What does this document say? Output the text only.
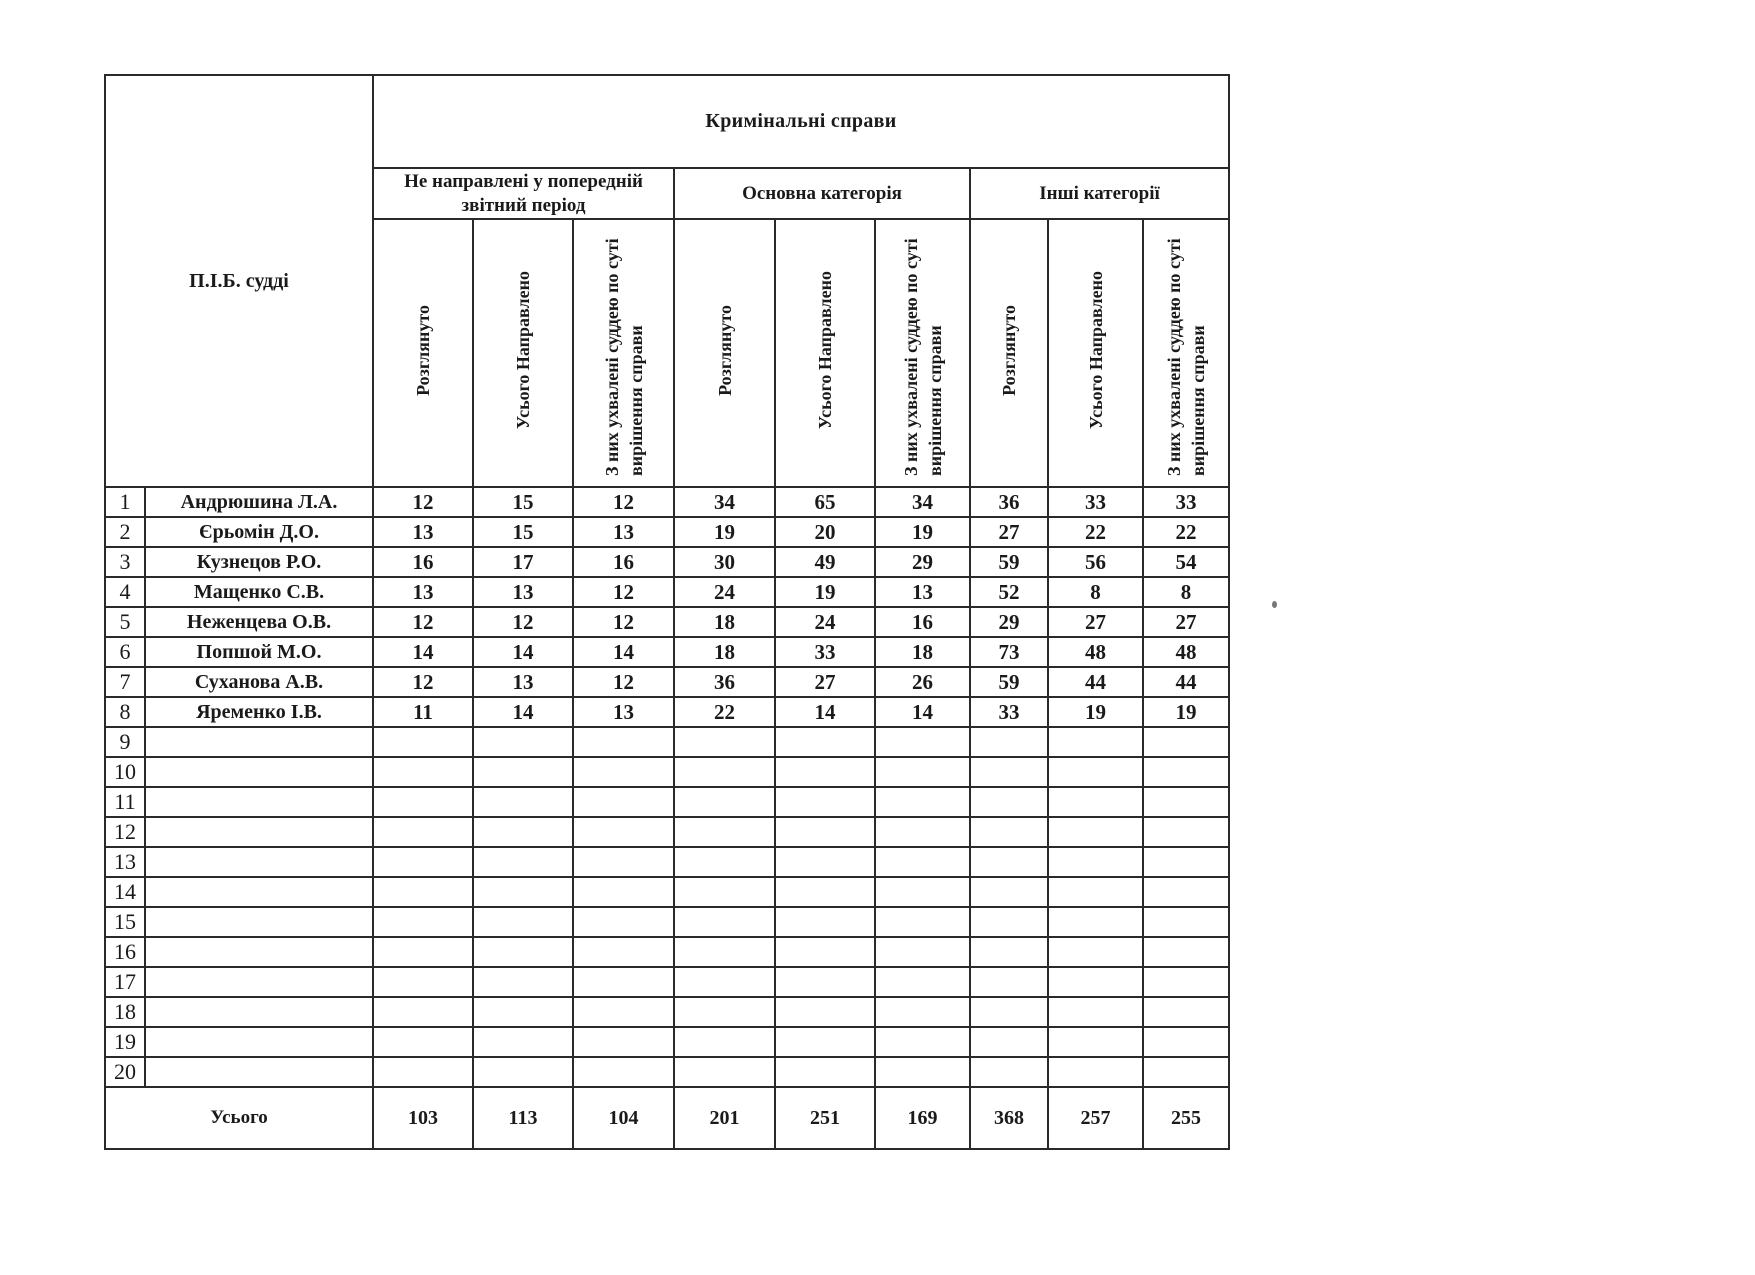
П.І.Б. судді		Кримінальні справи								
		Не направлені у попередній звітний період			Основна категорія			Інші категорії		
		Розглянуто	Усього Направлено	З них ухвалені суддею по суті вирішення справи	Розглянуто	Усього Направлено	З них ухвалені суддею по суті вирішення справи	Розглянуто	Усього Направлено	З них ухвалені суддею по суті вирішення справи
1	Андрюшина Л.А.	12	15	12	34	65	34	36	33	33
2	Єрьомін Д.О.	13	15	13	19	20	19	27	22	22
3	Кузнецов Р.О.	16	17	16	30	49	29	59	56	54
4	Мащенко С.В.	13	13	12	24	19	13	52	8	8
5	Неженцева О.В.	12	12	12	18	24	16	29	27	27
6	Попшой М.О.	14	14	14	18	33	18	73	48	48
7	Суханова А.В.	12	13	12	36	27	26	59	44	44
8	Яременко І.В.	11	14	13	22	14	14	33	19	19
9										
10										
11										
12										
13										
14										
15										
16										
17										
18										
19										
20										
Усього		103	113	104	201	251	169	368	257	255
